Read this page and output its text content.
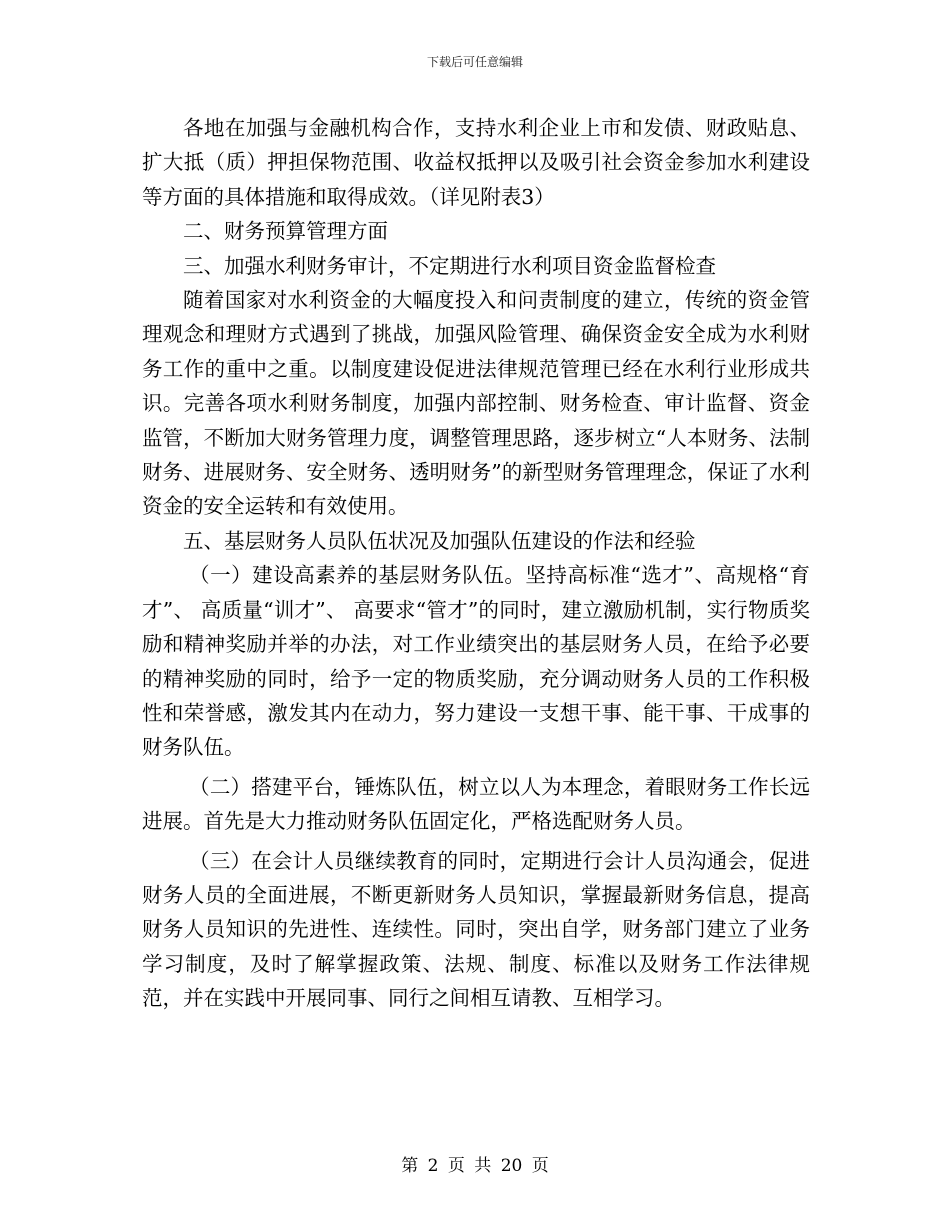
下载后可任意编辑

各地在加强与金融机构合作，支持水利企业上市和发债、财政贴息、扩大抵（质）押担保物范围、收益权抵押以及吸引社会资金参加水利建设等方面的具体措施和取得成效。（详见附表3）

二、财务预算管理方面

三、加强水利财务审计，不定期进行水利项目资金监督检查

随着国家对水利资金的大幅度投入和问责制度的建立，传统的资金管理观念和理财方式遇到了挑战，加强风险管理、确保资金安全成为水利财务工作的重中之重。以制度建设促进法律规范管理已经在水利行业形成共识。完善各项水利财务制度，加强内部控制、财务检查、审计监督、资金监管，不断加大财务管理力度，调整管理思路，逐步树立“人本财务、法制财务、进展财务、安全财务、透明财务”的新型财务管理理念，保证了水利资金的安全运转和有效使用。

五、基层财务人员队伍状况及加强队伍建设的作法和经验

（一）建设高素养的基层财务队伍。坚持高标准“选才”、高规格“育才”、 高质量“训才”、 高要求“管才”的同时，建立激励机制，实行物质奖励和精神奖励并举的办法，对工作业绩突出的基层财务人员，在给予必要的精神奖励的同时，给予一定的物质奖励，充分调动财务人员的工作积极性和荣誉感，激发其内在动力，努力建设一支想干事、能干事、干成事的财务队伍。

（二）搭建平台，锤炼队伍，树立以人为本理念，着眼财务工作长远进展。首先是大力推动财务队伍固定化，严格选配财务人员。

（三）在会计人员继续教育的同时，定期进行会计人员沟通会，促进财务人员的全面进展，不断更新财务人员知识，掌握最新财务信息，提高财务人员知识的先进性、连续性。同时，突出自学，财务部门建立了业务学习制度，及时了解掌握政策、法规、制度、标准以及财务工作法律规范，并在实践中开展同事、同行之间相互请教、互相学习。

第 2 页 共 20 页
